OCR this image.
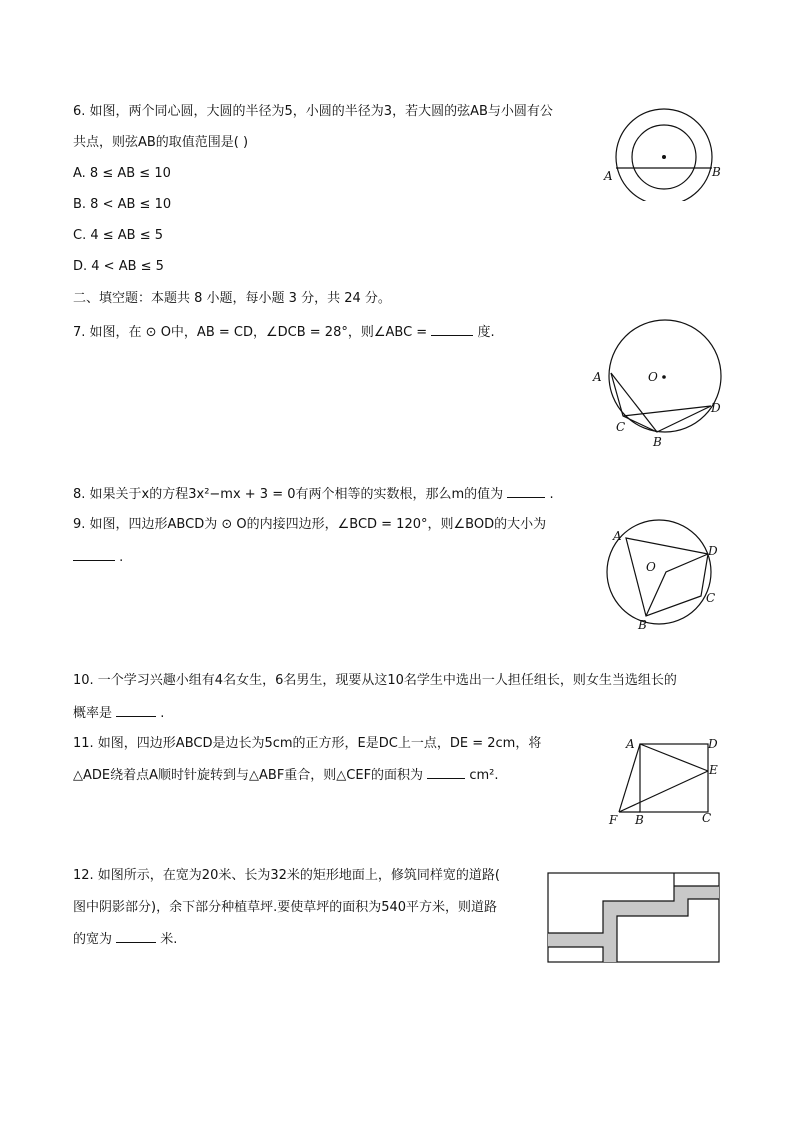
6. 如图，两个同心圆，大圆的半径为5，小圆的半径为3，若大圆的弦AB与小圆有公
共点，则弦AB的取值范围是( )
A. 8 ≤ AB ≤ 10
B. 8 < AB ≤ 10
C. 4 ≤ AB ≤ 5
D. 4 < AB ≤ 5
A	B
二、填空题：本题共 8 小题，每小题 3 分，共 24 分。
7. 如图，在 ⊙ O中，AB = CD，∠DCB = 28°，则∠ABC =	度.
A	O
D
C
B
8. 如果关于x的方程3x²−mx + 3 = 0有两个相等的实数根，那么m的值为	.
9. 如图，四边形ABCD为 ⊙ O的内接四边形，∠BCD = 120°，则∠BOD的大小为
.
A
O
D
C
B
10. 一个学习兴趣小组有4名女生，6名男生，现要从这10名学生中选出一人担任组长，则女生当选组长的
概率是	.
11. 如图，四边形ABCD是边长为5cm的正方形，E是DC上一点，DE = 2cm，将
△ADE绕着点A顺时针旋转到与△ABF重合，则△CEF的面积为	cm².
A	D
E
F B	C
12. 如图所示，在宽为20米、长为32米的矩形地面上，修筑同样宽的道路(
图中阴影部分)，余下部分种植草坪.要使草坪的面积为540平方米，则道路
的宽为	米.
